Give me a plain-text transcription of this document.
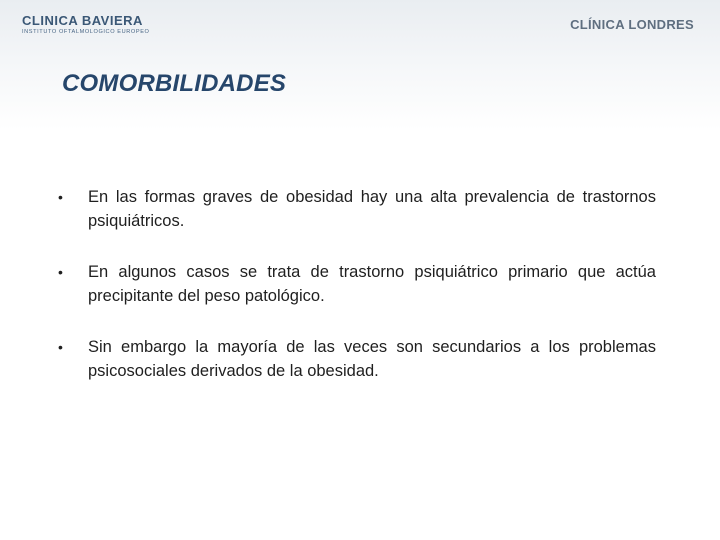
CLINICA BAVIERA
INSTITUTO OFTALMOLOGICO EUROPEO	CLÍNICA LONDRES
COMORBILIDADES
• En las formas graves de obesidad hay una alta prevalencia de trastornos psiquiátricos.
• En algunos casos se trata de trastorno psiquiátrico primario que actúa precipitante del peso patológico.
• Sin embargo la mayoría de las veces son secundarios a los problemas psicosociales derivados de la obesidad.
